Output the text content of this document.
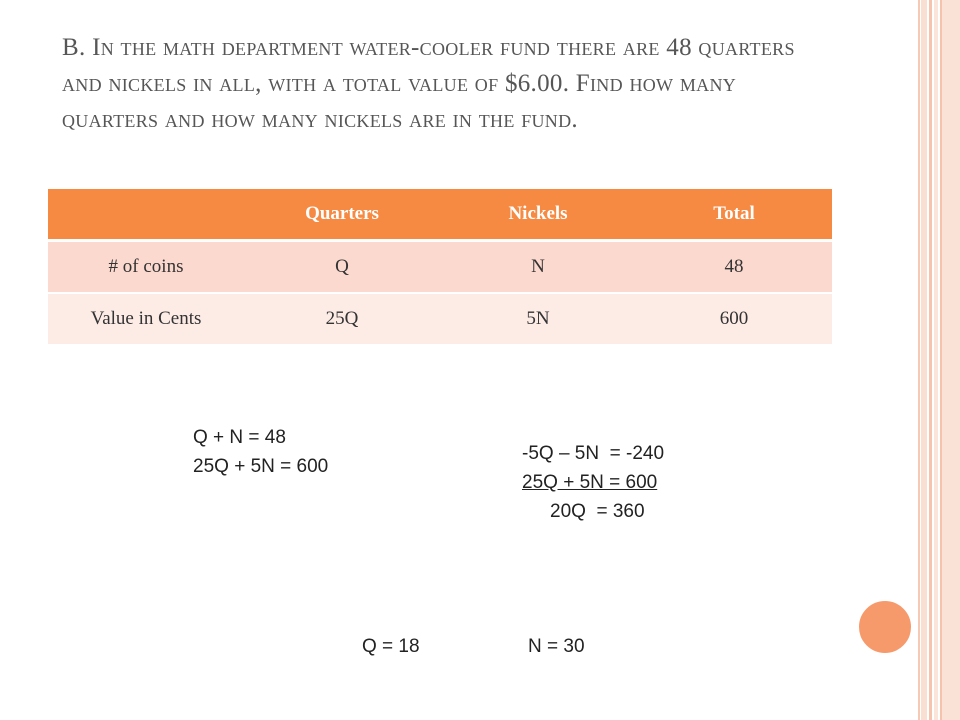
B. In the math department water-cooler fund there are 48 quarters and nickels in all, with a total value of $6.00. Find how many quarters and how many nickels are in the fund.
	Quarters	Nickels	Total
# of coins	Q	N	48
Value in Cents	25Q	5N	600
Q + N = 48
25Q + 5N = 600
-5Q – 5N  = -240
25Q + 5N = 600
20Q  = 360
Q = 18	N = 30
